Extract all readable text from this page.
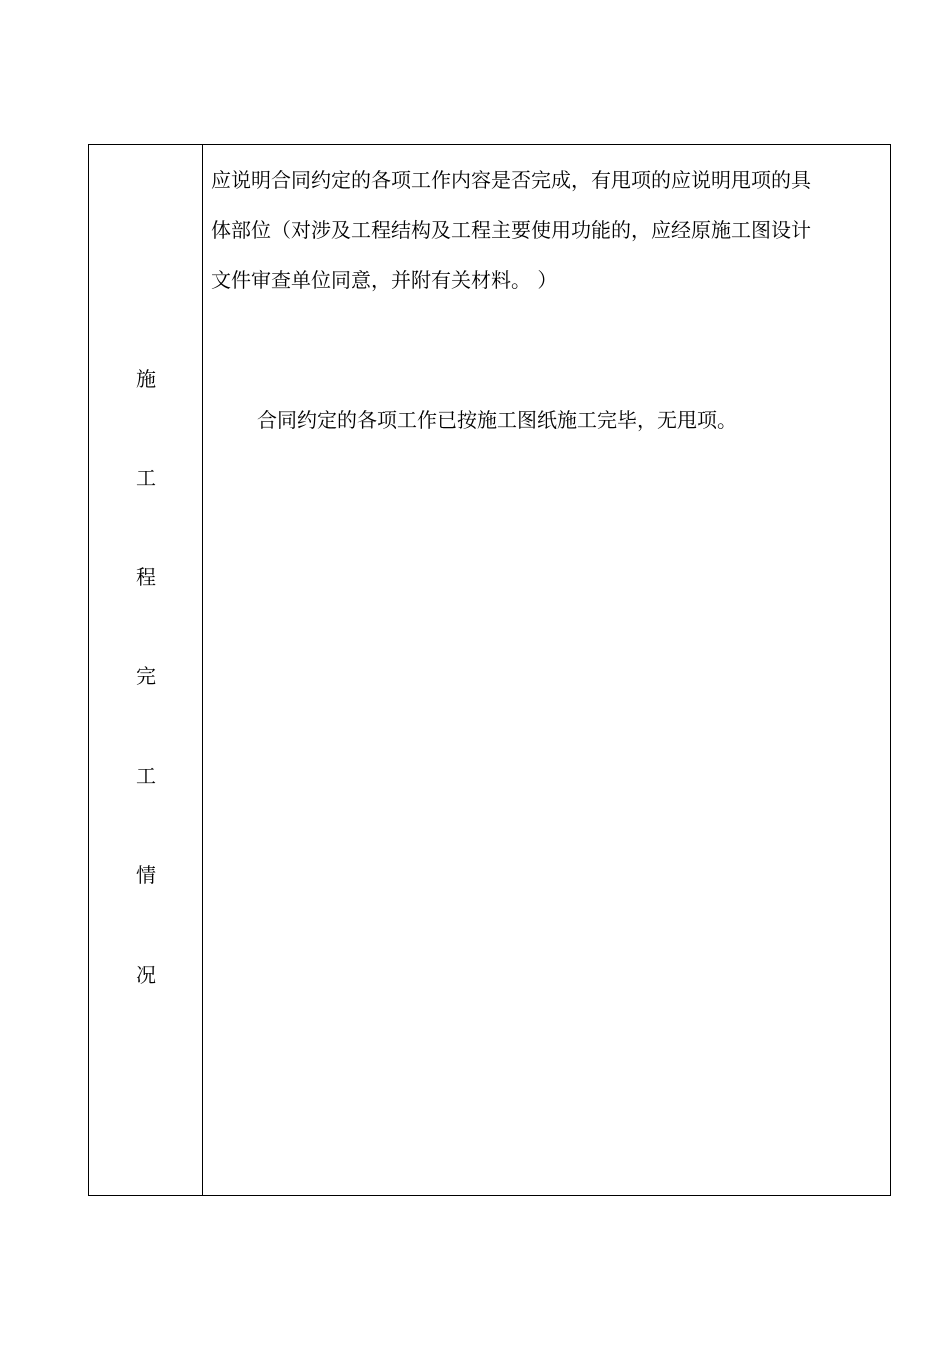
施
工
程
完
工
情
况
应说明合同约定的各项工作内容是否完成，有甩项的应说明甩项的具
体部位（对涉及工程结构及工程主要使用功能的，应经原施工图设计
文件审查单位同意，并附有关材料。 ）
合同约定的各项工作已按施工图纸施工完毕，无甩项。
